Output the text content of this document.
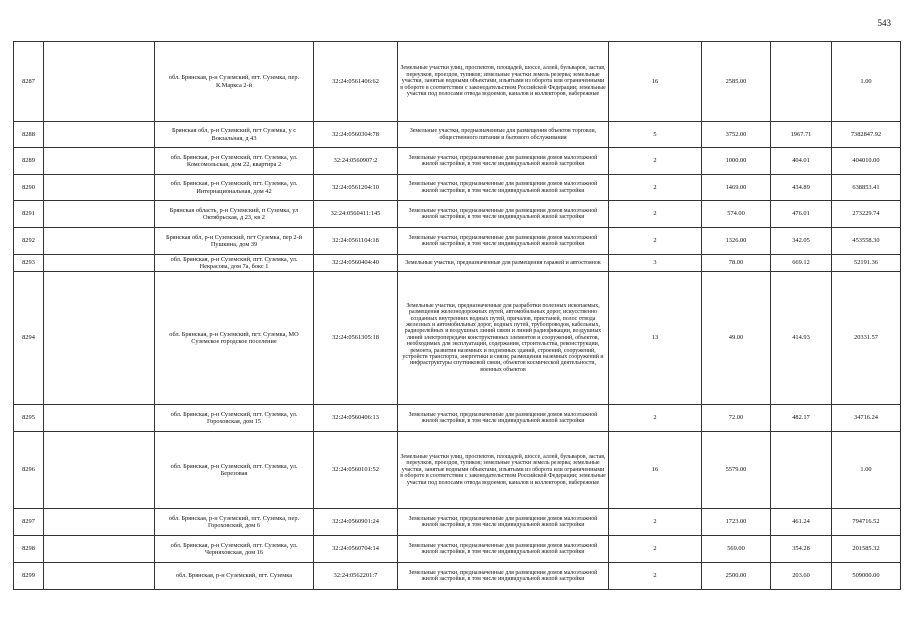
543
8287		обл. Брянская, р-н Суземский, пгт. Суземка, пер. К.Маркса 2-й	32:24:0561406:62	Земельные участки улиц, проспектов, площадей, шоссе, аллей, бульваров, застав, переулков, проездов, тупиков; земельные участки земель резерва; земельные участки, занятые водными объектами, изъятыми из оборота или ограниченными в обороте в соответствии с законодательством Российской Федерации; земельные участки под полосами отвода водоемов, каналов и коллекторов, набережные	16	2585.00		1.00
8288		Брянская обл, р-н Суземский, пгт Суземка, у с Вокзальная, д 43	32:24:0560304:78	Земельные участки, предназначенные для размещения объектов торговли, общественного питания и бытового обслуживания	5	3752.00	1967.71	7382847.92
8289		обл. Брянская, р-н Суземский, пгт. Суземка, ул. Комсомольская, дом 22, квартира 2	32:24:0560907:2	Земельные участки, предназначенные для размещения домов малоэтажной жилой застройки, в том числе индивидуальной жилой застройки	2	1000.00	404.01	404010.00
8290		обл. Брянская, р-н Суземский, пгт. Суземка, ул. Интернациональная, дом 42	32:24:0561204:10	Земельные участки, предназначенные для размещения домов малоэтажной жилой застройки, в том числе индивидуальной жилой застройки	2	1469.00	434.89	638853.41
8291		Брянская область, р-н Суземский, п Суземка, ул Октябрьская, д 23, кв 2	32:24:0560411:145	Земельные участки, предназначенные для размещения домов малоэтажной жилой застройки, в том числе индивидуальной жилой застройки	2	574.00	476.01	273229.74
8292		Брянская обл, р-н Суземский, пгт Суземка, пер 2-й Пушкина, дом 39	32:24:0561104:18	Земельные участки, предназначенные для размещения домов малоэтажной жилой застройки, в том числе индивидуальной жилой застройки	2	1326.00	342.05	453558.30
8293		обл. Брянская, р-н Суземский, пгт. Суземка, ул. Некрасова, дом 7а, бокс 1	32:24:0560404:40	Земельные участки, предназначенные для размещения гаражей и автостоянок	3	78.00	669.12	52191.36
8294		обл. Брянская, р-н Суземский, пгт. Суземка, МО Суземское городское поселение	32:24:0561305:18	Земельные участки, предназначенные для разработки полезных ископаемых, размещения железнодорожных путей, автомобильных дорог, искусственно созданных внутренних водных путей, причалов, пристаней, полос отвода железных и автомобильных дорог, водных путей, трубопроводов, кабельных, радиорелейных и воздушных линий связи и линий радиофикации, воздушных линий электропередачи конструктивных элементов и сооружений, объектов, необходимых для эксплуатации, содержания, строительства, реконструкции, ремонта, развития наземных и подземных зданий, строений, сооружений, устройств транспорта, энергетики и связи; размещения наземных сооружений и инфраструктуры спутниковой связи, объектов космической деятельности, военных объектов	13	49.00	414.93	20331.57
8295		обл. Брянская, р-н Суземский, пгт. Суземка, ул. Гороховская, дом 15	32:24:0560406:13	Земельные участки, предназначенные для размещения домов малоэтажной жилой застройки, в том числе индивидуальной жилой застройки	2	72.00	482.17	34716.24
8296		обл. Брянская, р-н Суземский, пгт. Суземка, ул. Березовая	32:24:0560101:52	Земельные участки улиц, проспектов, площадей, шоссе, аллей, бульваров, застав, переулков, проездов, тупиков; земельные участки земель резерва; земельные участки, занятые водными объектами, изъятыми из оборота или ограниченными в обороте в соответствии с законодательством Российской Федерации; земельные участки под полосами отвода водоемов, каналов и коллекторов, набережные	16	5579.00		1.00
8297		обл. Брянская, р-н Суземский, пгт. Суземка, пер. Гороховский, дом 6	32:24:0560901:24	Земельные участки, предназначенные для размещения домов малоэтажной жилой застройки, в том числе индивидуальной жилой застройки	2	1723.00	461.24	794716.52
8298		обл. Брянская, р-н Суземский, пгт. Суземка, ул. Черняховская, дом 16	32:24:0560704:14	Земельные участки, предназначенные для размещения домов малоэтажной жилой застройки, в том числе индивидуальной жилой застройки	2	569.00	354.28	201585.32
8299		обл. Брянская, р-н Суземский, пгт. Суземка	32:24:0562201:7	Земельные участки, предназначенные для размещения домов малоэтажной жилой застройки, в том числе индивидуальной жилой застройки	2	2500.00	203.60	509000.00
